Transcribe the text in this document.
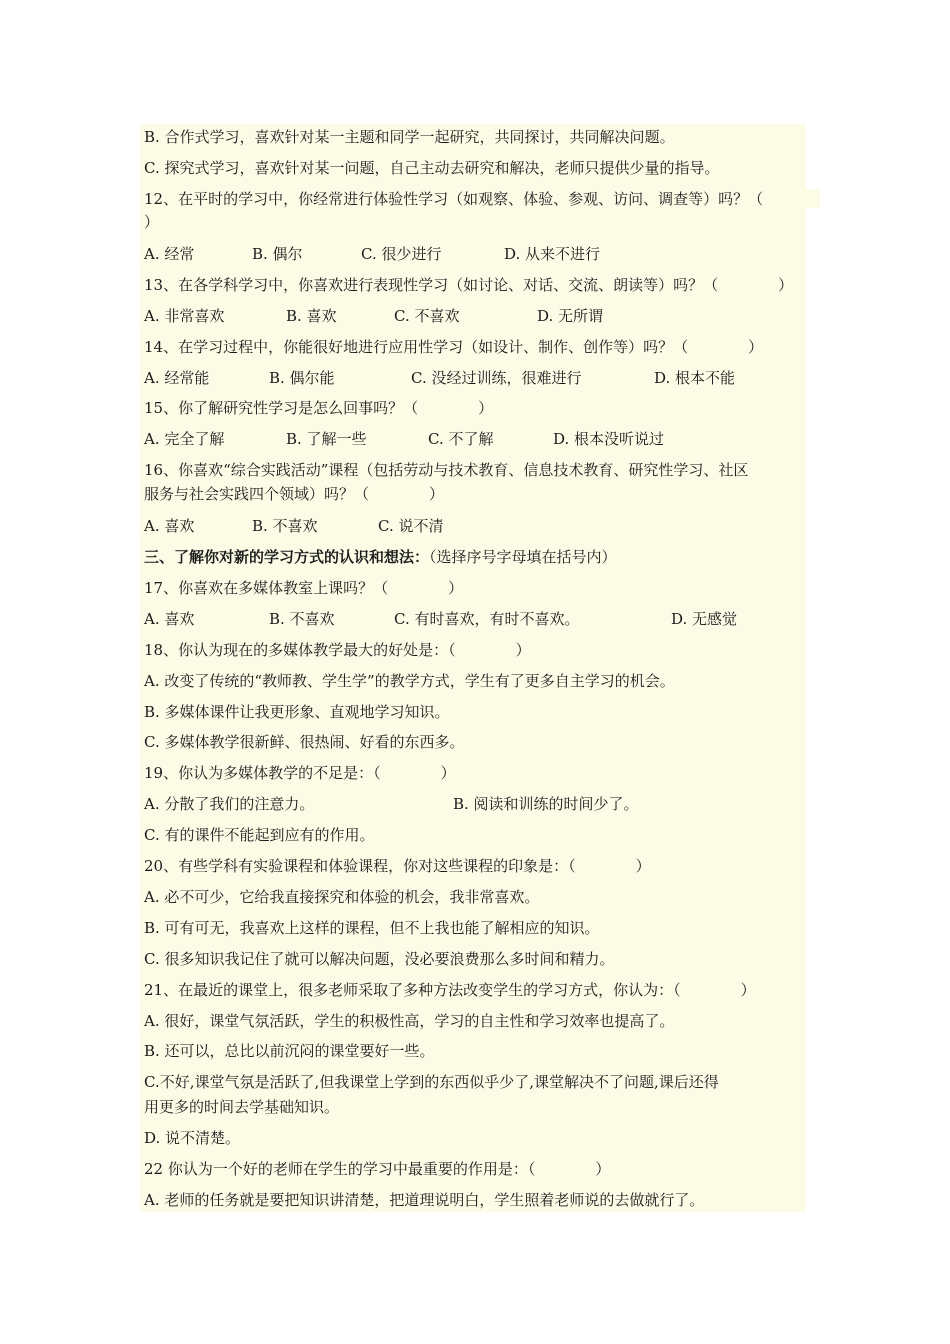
B. 合作式学习，喜欢针对某一主题和同学一起研究，共同探讨，共同解决问题。
C. 探究式学习，喜欢针对某一问题，自己主动去研究和解决，老师只提供少量的指导。
12、在平时的学习中，你经常进行体验性学习（如观察、体验、参观、访问、调查等）吗？（
）
A. 经常	B. 偶尔	C. 很少进行	D. 从来不进行
13、在各学科学习中，你喜欢进行表现性学习（如讨论、对话、交流、朗读等）吗？（　　　　）
A. 非常喜欢	B. 喜欢	C. 不喜欢	D. 无所谓
14、在学习过程中，你能很好地进行应用性学习（如设计、制作、创作等）吗？（　　　　）
A. 经常能	B. 偶尔能	C. 没经过训练，很难进行	D. 根本不能
15、你了解研究性学习是怎么回事吗？（　　　　）
A. 完全了解	B. 了解一些	C. 不了解	D. 根本没听说过
16、你喜欢“综合实践活动”课程（包括劳动与技术教育、信息技术教育、研究性学习、社区
服务与社会实践四个领域）吗？（　　　　）
A. 喜欢	B. 不喜欢	C. 说不清
三、了解你对新的学习方式的认识和想法：（选择序号字母填在括号内）
17、你喜欢在多媒体教室上课吗？（　　　　）
A. 喜欢	B. 不喜欢	C. 有时喜欢，有时不喜欢。	D. 无感觉
18、你认为现在的多媒体教学最大的好处是：（　　　　）
A. 改变了传统的“教师教、学生学”的教学方式，学生有了更多自主学习的机会。
B. 多媒体课件让我更形象、直观地学习知识。
C. 多媒体教学很新鲜、很热闹、好看的东西多。
19、你认为多媒体教学的不足是：（　　　　）
A. 分散了我们的注意力。	B. 阅读和训练的时间少了。
C. 有的课件不能起到应有的作用。
20、有些学科有实验课程和体验课程，你对这些课程的印象是：（　　　　）
A. 必不可少，它给我直接探究和体验的机会，我非常喜欢。
B. 可有可无，我喜欢上这样的课程，但不上我也能了解相应的知识。
C. 很多知识我记住了就可以解决问题，没必要浪费那么多时间和精力。
21、在最近的课堂上，很多老师采取了多种方法改变学生的学习方式，你认为：（　　　　）
A. 很好，课堂气氛活跃，学生的积极性高，学习的自主性和学习效率也提高了。
B. 还可以，总比以前沉闷的课堂要好一些。
C.不好,课堂气氛是活跃了,但我课堂上学到的东西似乎少了,课堂解决不了问题,课后还得
用更多的时间去学基础知识。
D. 说不清楚。
22 你认为一个好的老师在学生的学习中最重要的作用是：（　　　　）
A. 老师的任务就是要把知识讲清楚，把道理说明白，学生照着老师说的去做就行了。
